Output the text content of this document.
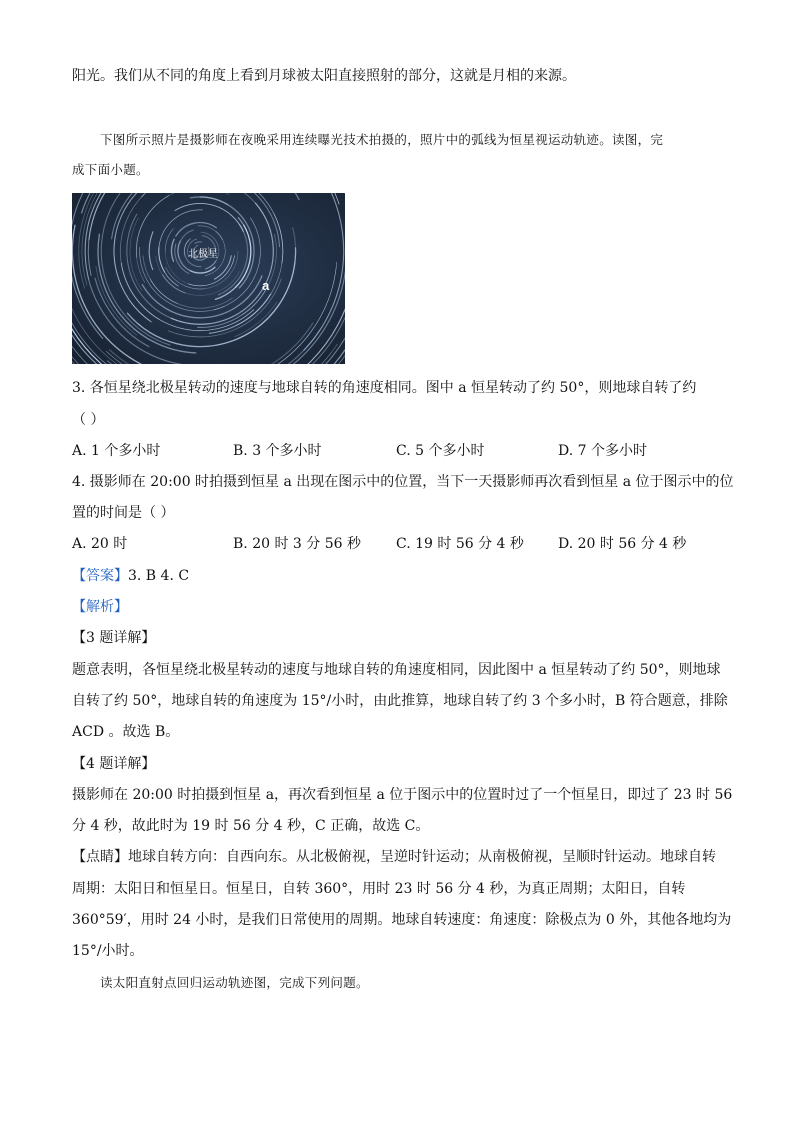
阳光。我们从不同的角度上看到月球被太阳直接照射的部分，这就是月相的来源。
下图所示照片是摄影师在夜晚采用连续曝光技术拍摄的，照片中的弧线为恒星视运动轨迹。读图，完
成下面小题。
北极星
a
3. 各恒星绕北极星转动的速度与地球自转的角速度相同。图中 a 恒星转动了约 50°，则地球自转了约
（ ）
A. 1 个多小时	B. 3 个多小时	C. 5 个多小时	D. 7 个多小时
4. 摄影师在 20:00 时拍摄到恒星 a 出现在图示中的位置，当下一天摄影师再次看到恒星 a 位于图示中的位
置的时间是（ ）
A. 20 时	B. 20 时 3 分 56 秒	C. 19 时 56 分 4 秒 D. 20 时 56 分 4 秒
【答案】3. B 4. C
【解析】
【3 题详解】
题意表明，各恒星绕北极星转动的速度与地球自转的角速度相同，因此图中 a 恒星转动了约 50°，则地球
自转了约 50°，地球自转的角速度为 15°/小时，由此推算，地球自转了约 3 个多小时，B 符合题意，排除
ACD 。故选 B。
【4 题详解】
摄影师在 20:00 时拍摄到恒星 a，再次看到恒星 a 位于图示中的位置时过了一个恒星日，即过了 23 时 56
分 4 秒，故此时为 19 时 56 分 4 秒，C 正确，故选 C。
【点睛】地球自转方向：自西向东。从北极俯视，呈逆时针运动；从南极俯视，呈顺时针运动。地球自转
周期：太阳日和恒星日。恒星日，自转 360°，用时 23 时 56 分 4 秒，为真正周期；太阳日，自转
360°59′，用时 24 小时，是我们日常使用的周期。地球自转速度：角速度：除极点为 0 外，其他各地均为
15°/小时。
读太阳直射点回归运动轨迹图，完成下列问题。
